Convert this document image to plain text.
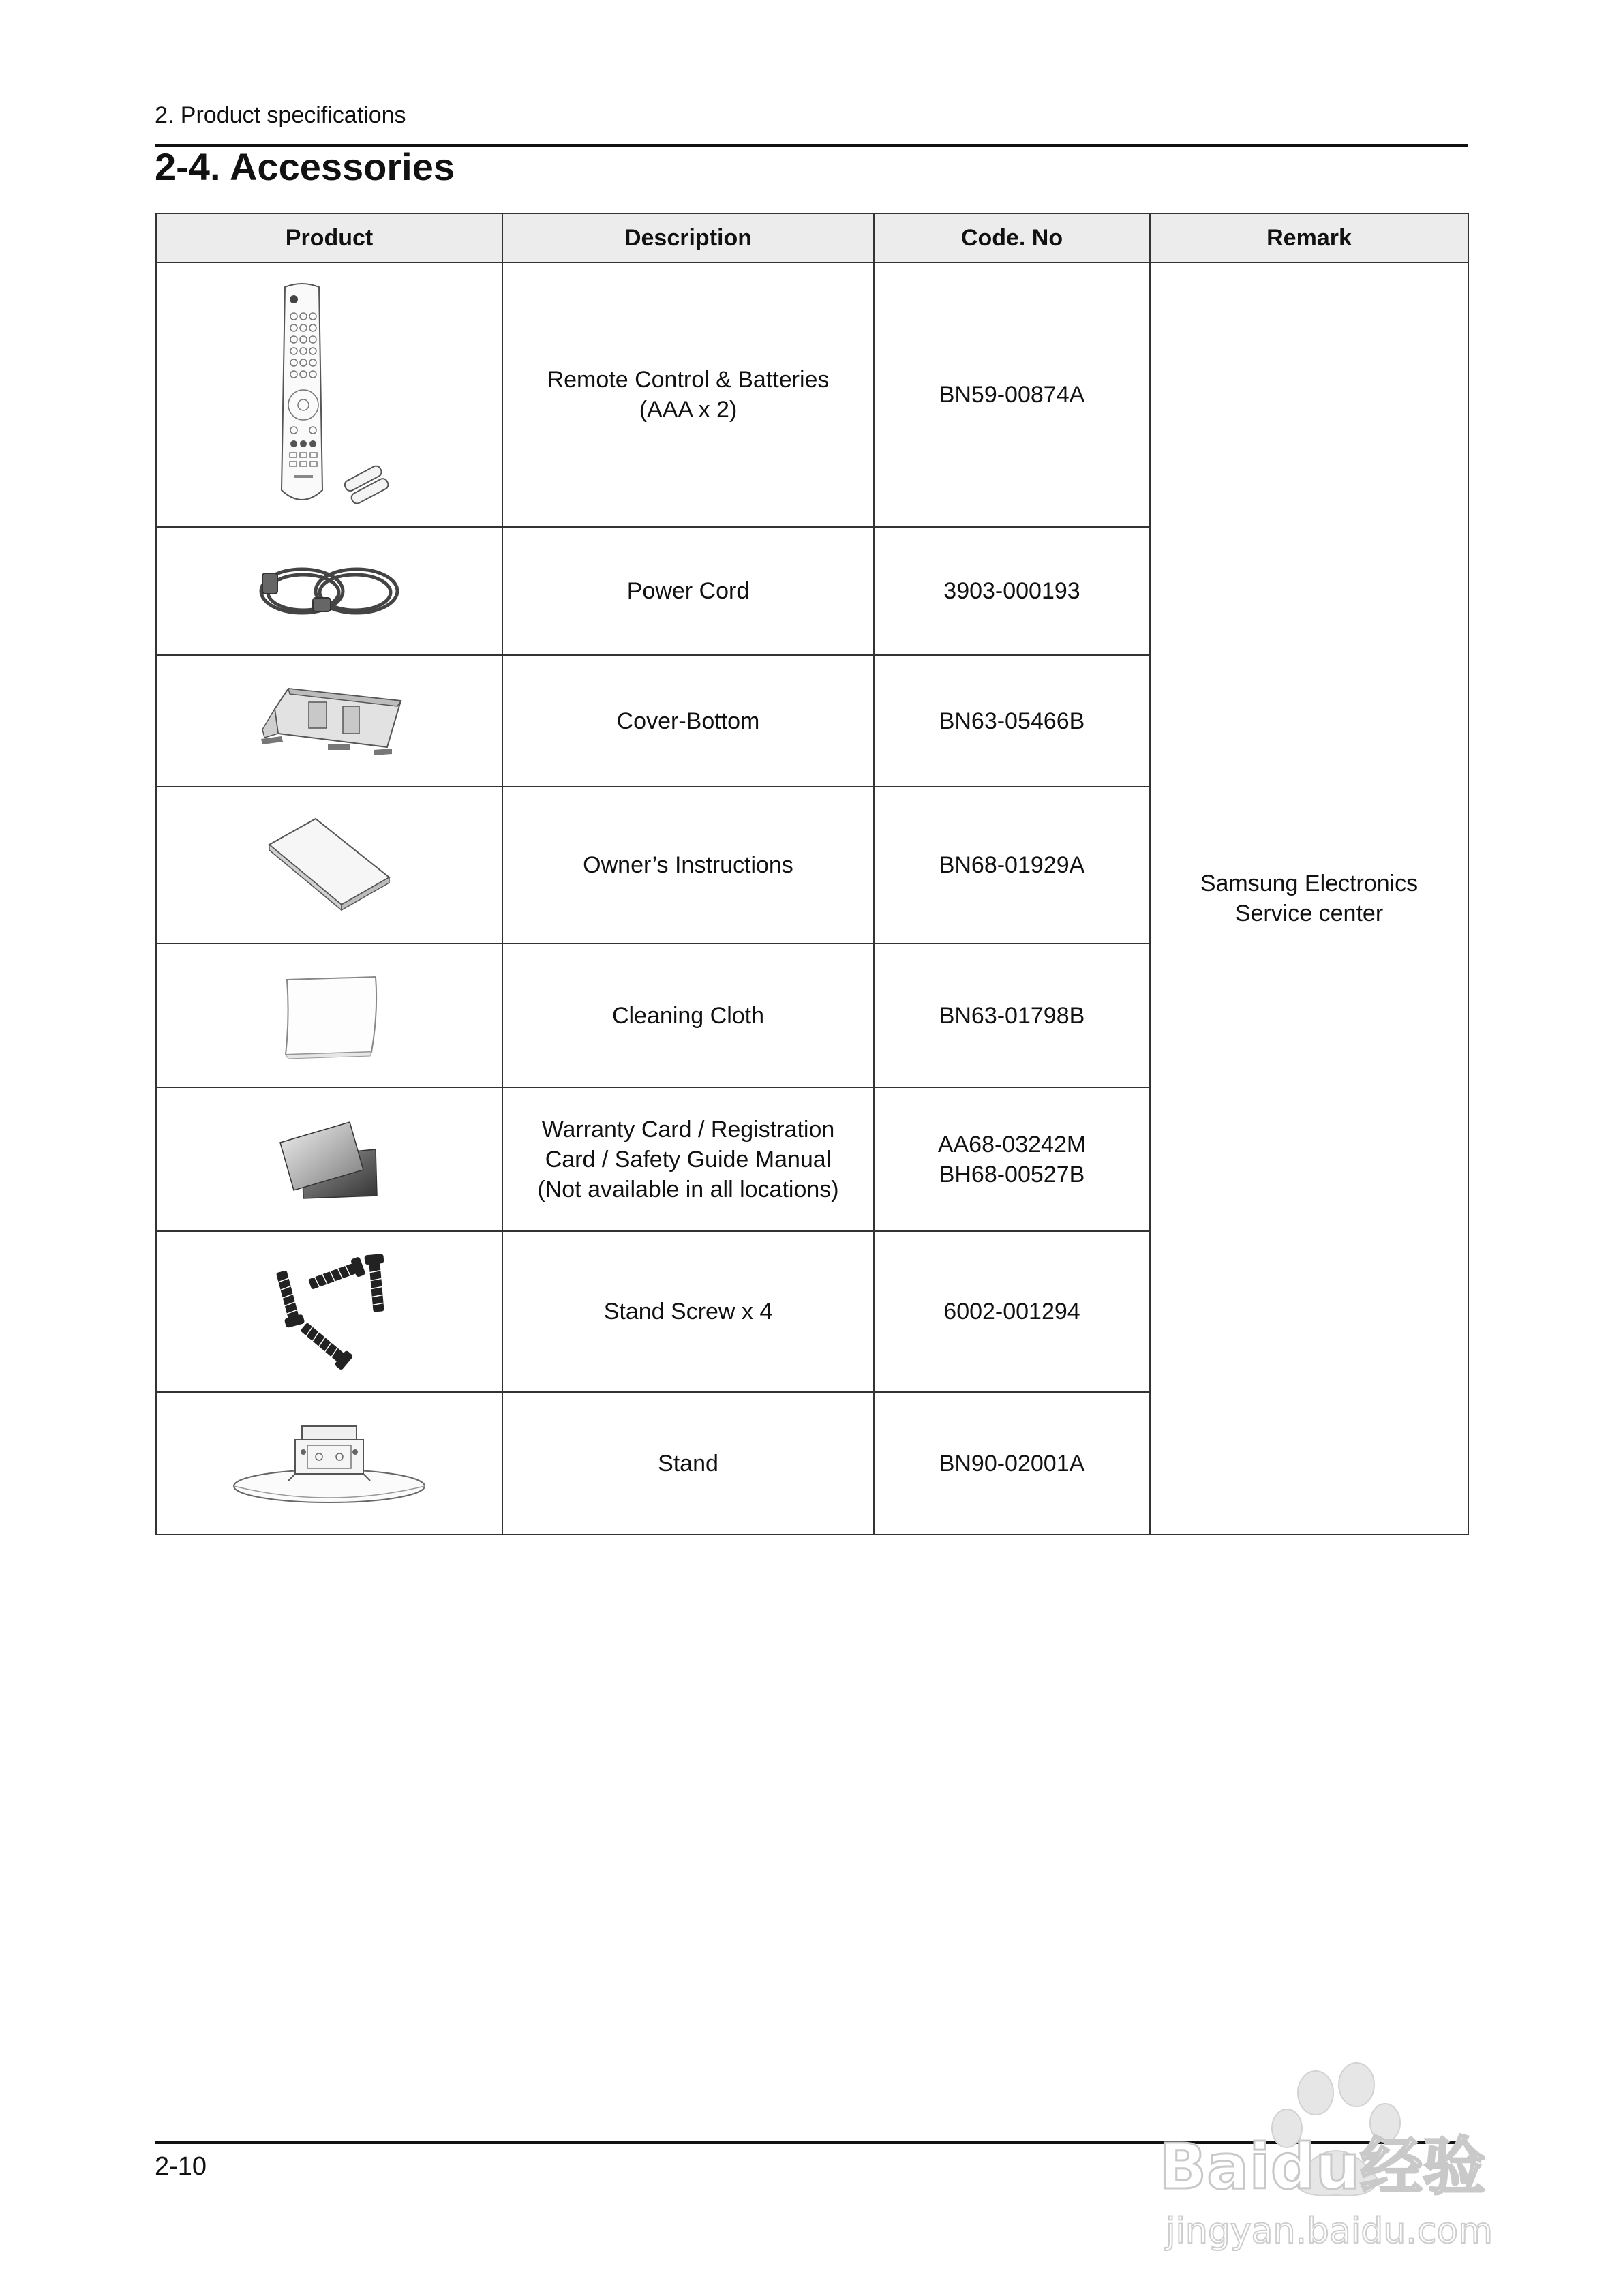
2. Product specifications
2-4. Accessories
Product	Description	Code. No	Remark

Remote Control & Batteries
(AAA x 2)	BN59-00874A	Samsung Electronics
Service center

Power Cord	3903-000193	

Cover-Bottom	BN63-05466B	

Owner’s Instructions	BN68-01929A	

Cleaning Cloth	BN63-01798B	

Warranty Card / Registration
Card / Safety Guide Manual
(Not available in all locations)	AA68-03242M
BH68-00527B	

Stand Screw x 4	6002-001294	

Stand	BN90-02001A	
2-10	Baidu经验
jingyan.baidu.com
